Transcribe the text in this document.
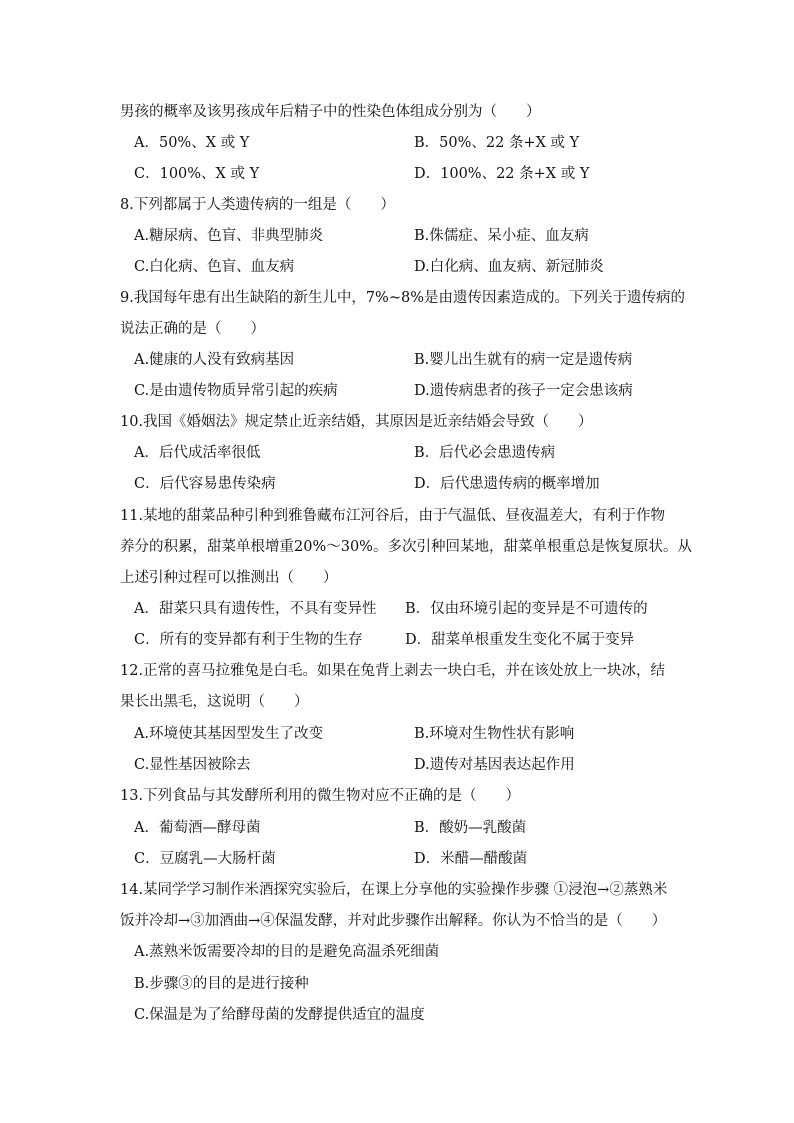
男孩的概率及该男孩成年后精子中的性染色体组成分别为（　　）
A．50%、X 或 Y	B．50%、22 条+X 或 Y
C．100%、X 或 Y	D．100%、22 条+X 或 Y
8.下列都属于人类遗传病的一组是（　　）
A.糖尿病、色盲、非典型肺炎	B.侏儒症、呆小症、血友病
C.白化病、色盲、血友病	D.白化病、血友病、新冠肺炎
9.我国每年患有出生缺陷的新生儿中，7%~8%是由遗传因素造成的。下列关于遗传病的
说法正确的是（　　）
A.健康的人没有致病基因	B.婴儿出生就有的病一定是遗传病
C.是由遗传物质异常引起的疾病	D.遗传病患者的孩子一定会患该病
10.我国《婚姻法》规定禁止近亲结婚，其原因是近亲结婚会导致（　　）
A．后代成活率很低	B．后代必会患遗传病
C．后代容易患传染病	D．后代患遗传病的概率增加
11.某地的甜菜品种引种到雅鲁藏布江河谷后，由于气温低、昼夜温差大，有利于作物
养分的积累，甜菜单根增重20%～30%。多次引种回某地，甜菜单根重总是恢复原状。从
上述引种过程可以推测出（　　）
A．甜菜只具有遗传性，不具有变异性 B．仅由环境引起的变异是不可遗传的
C．所有的变异都有利于生物的生存	D．甜菜单根重发生变化不属于变异
12.正常的喜马拉雅兔是白毛。如果在兔背上剥去一块白毛，并在该处放上一块冰，结
果长出黑毛，这说明（　　）
A.环境使其基因型发生了改变	B.环境对生物性状有影响
C.显性基因被除去	D.遗传对基因表达起作用
13.下列食品与其发酵所利用的微生物对应不正确的是（　　）
A．葡萄酒—酵母菌	B．酸奶—乳酸菌
C．豆腐乳—大肠杆菌	D．米醋—醋酸菌
14.某同学学习制作米酒探究实验后，在课上分享他的实验操作步骤 ①浸泡→②蒸熟米
饭并冷却→③加酒曲→④保温发酵，并对此步骤作出解释。你认为不恰当的是（　　）
A.蒸熟米饭需要冷却的目的是避免高温杀死细菌
B.步骤③的目的是进行接种
C.保温是为了给酵母菌的发酵提供适宜的温度
